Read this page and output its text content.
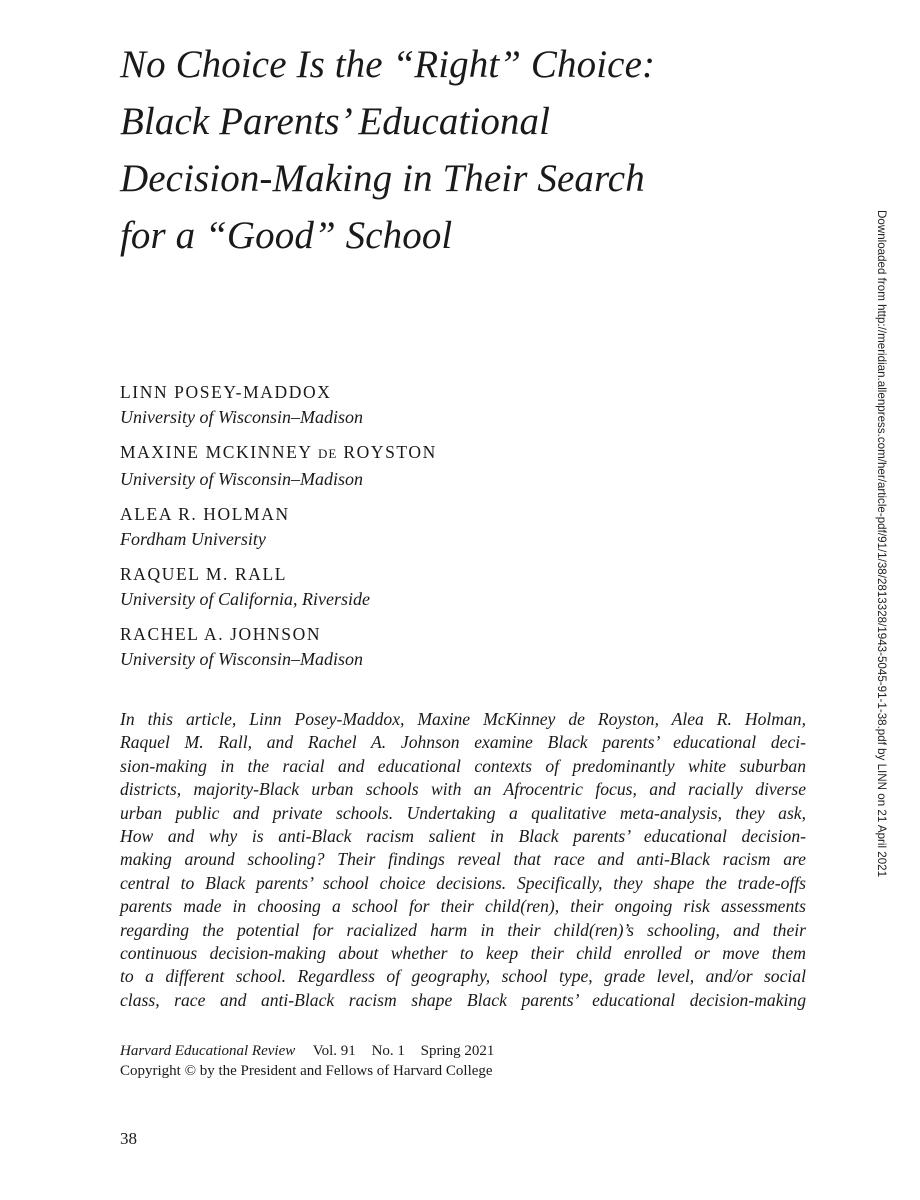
No Choice Is the “Right” Choice:
Black Parents’ Educational
Decision-Making in Their Search
for a “Good” School
LINN POSEY-MADDOX
University of Wisconsin–Madison
MAXINE MCKINNEY DE ROYSTON
University of Wisconsin–Madison
ALEA R. HOLMAN
Fordham University
RAQUEL M. RALL
University of California, Riverside
RACHEL A. JOHNSON
University of Wisconsin–Madison
In this article, Linn Posey-Maddox, Maxine McKinney de Royston, Alea R. Holman,
Raquel M. Rall, and Rachel A. Johnson examine Black parents’ educational deci-
sion-making in the racial and educational contexts of predominantly white suburban
districts, majority-Black urban schools with an Afrocentric focus, and racially diverse
urban public and private schools. Undertaking a qualitative meta-analysis, they ask,
How and why is anti-Black racism salient in Black parents’ educational decision-
making around schooling? Their findings reveal that race and anti-Black racism are
central to Black parents’ school choice decisions. Specifically, they shape the trade-offs
parents made in choosing a school for their child(ren), their ongoing risk assessments
regarding the potential for racialized harm in their child(ren)’s schooling, and their
continuous decision-making about whether to keep their child enrolled or move them
to a different school. Regardless of geography, school type, grade level, and/or social
class, race and anti-Black racism shape Black parents’ educational decision-making
Harvard Educational Review Vol. 91 No. 1 Spring 2021
Copyright © by the President and Fellows of Harvard College
38
Downloaded from http://meridian.allenpress.com/her/article-pdf/91/1/38/2813328/1943-5045-91-1-38.pdf by LINN on 21 April 2021
